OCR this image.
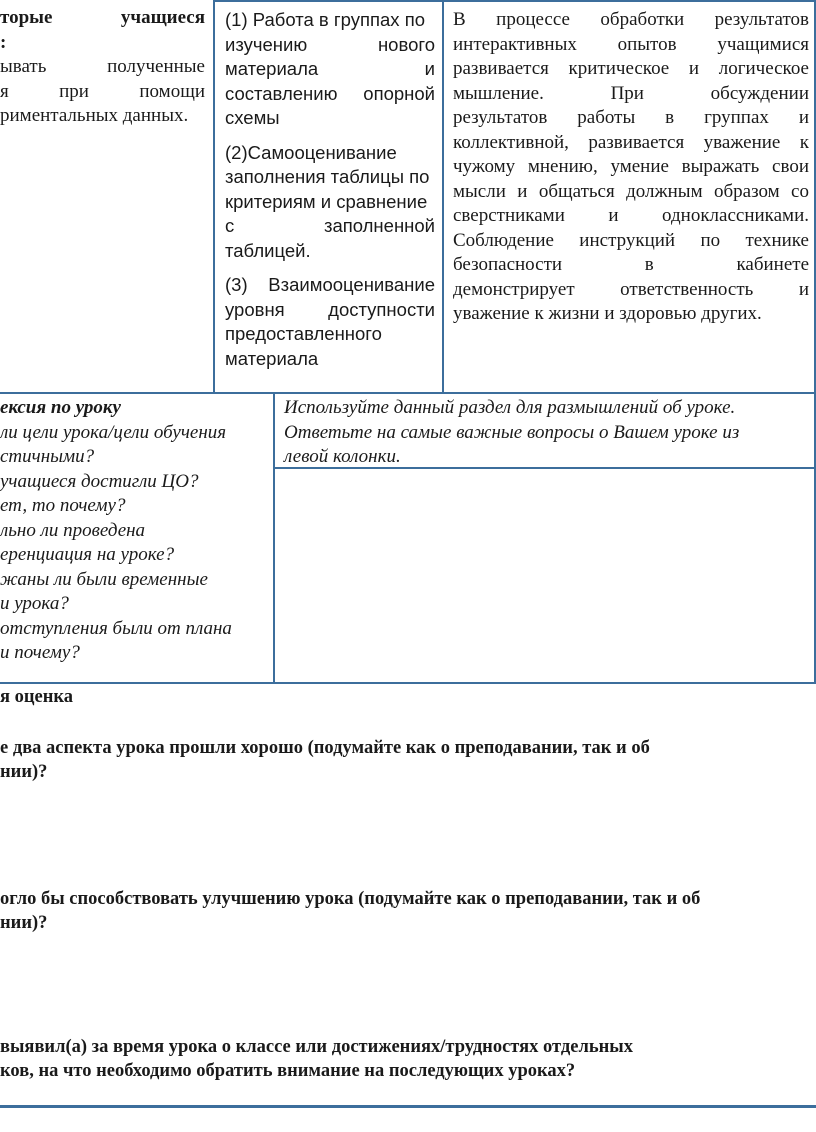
торые учащиеся
:
ывать полученные
я при помощи
риментальных данных.
(1) Работа в группах по
изучению нового
материала и
составлению опорной
схемы
(2)Самооценивание
заполнения таблицы по
критериям и сравнение
с заполненной
таблицей.
(3) Взаимооценивание
уровня доступности
предоставленного
материала
В процессе обработки результатов
интерактивных опытов учащимися
развивается критическое и логическое
мышление. При обсуждении
результатов работы в группах и
коллективной, развивается уважение к
чужому мнению, умение выражать свои
мысли и общаться должным образом со
сверстниками и одноклассниками.
Соблюдение инструкций по технике
безопасности в кабинете
демонстрирует ответственность и
уважение к жизни и здоровью других.
ексия по уроку
ли цели урока/цели обучения
стичными?
учащиеся достигли ЦО?
ет, то почему?
льно ли проведена
еренциация на уроке?
жаны ли были временные
и урока?
отступления были от плана
и почему?
Используйте данный раздел для размышлений об уроке.
Ответьте на самые важные вопросы о Вашем уроке из
левой колонки.
я оценка
е два аспекта урока прошли хорошо (подумайте как о преподавании, так и об
нии)?
огло бы способствовать улучшению урока (подумайте как о преподавании, так и об
нии)?
выявил(а) за время урока о классе или достижениях/трудностях отдельных
ков, на что необходимо обратить внимание на последующих уроках?
